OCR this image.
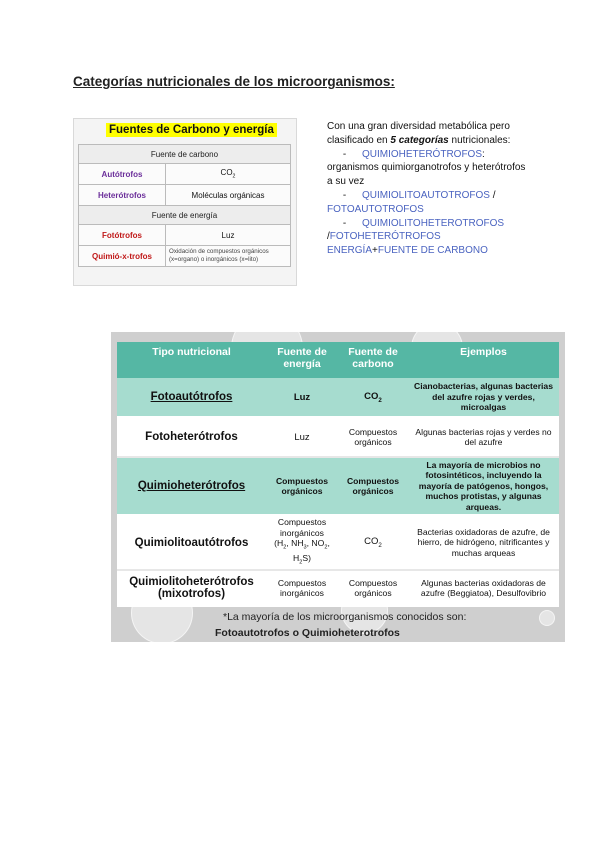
Categorías nutricionales de los microorganismos:
Fuentes de Carbono y energía
Fuente de carbono	
Autótrofos	$CO_2$
Heterótrofos	Moléculas orgánicas
Fuente de energía	
Fotótrofos	Luz
Quimió-x-trofos	Oxidación de compuestos orgánicos (x=organo) o inorgánicos (x=lito)

Con una gran diversidad metabólica pero clasificado en 5 categorías nutricionales:

- QUIMIOHETERÓTROFOS: organismos quimiorganotrofos y heterótrofos a su vez

- QUIMIOLITOAUTOTROFOS / FOTOAUTOTROFOS

- QUIMIOLITOHETEROTROFOS
/FOTOHETERÓTROFOS
ENERGÍA+FUENTE DE CARBONO

Tipo nutricional	Fuente de energía	Fuente de carbono	Ejemplos
Fotoautótrofos	Luz	$CO_2$	Cianobacterias, algunas bacterias del azufre rojas y verdes, microalgas
Fotoheterótrofos	Luz	Compuestos orgánicos	Algunas bacterias rojas y verdes no del azufre
Quimioheterótrofos	Compuestos orgánicos	Compuestos orgánicos	La mayoría de microbios no fotosintéticos, incluyendo la mayoría de patógenos, hongos, muchos protistas, y algunas arqueas.
Quimiolitoautótrofos	Compuestos inorgánicos
($H_2$, $NH_3$, $NO_2$, $H_2S$)	$CO_2$	Bacterias oxidadoras de azufre, de hierro, de hidrógeno, nitrificantes y muchas arqueas
Quimiolitoheterótrofos (mixotrofos)	Compuestos inorgánicos	Compuestos orgánicos	Algunas bacterias oxidadoras de azufre (Beggiatoa), Desulfovibrio
*La mayoría de los microorganismos conocidos son:
Fotoautotrofos o Quimioheterotrofos
